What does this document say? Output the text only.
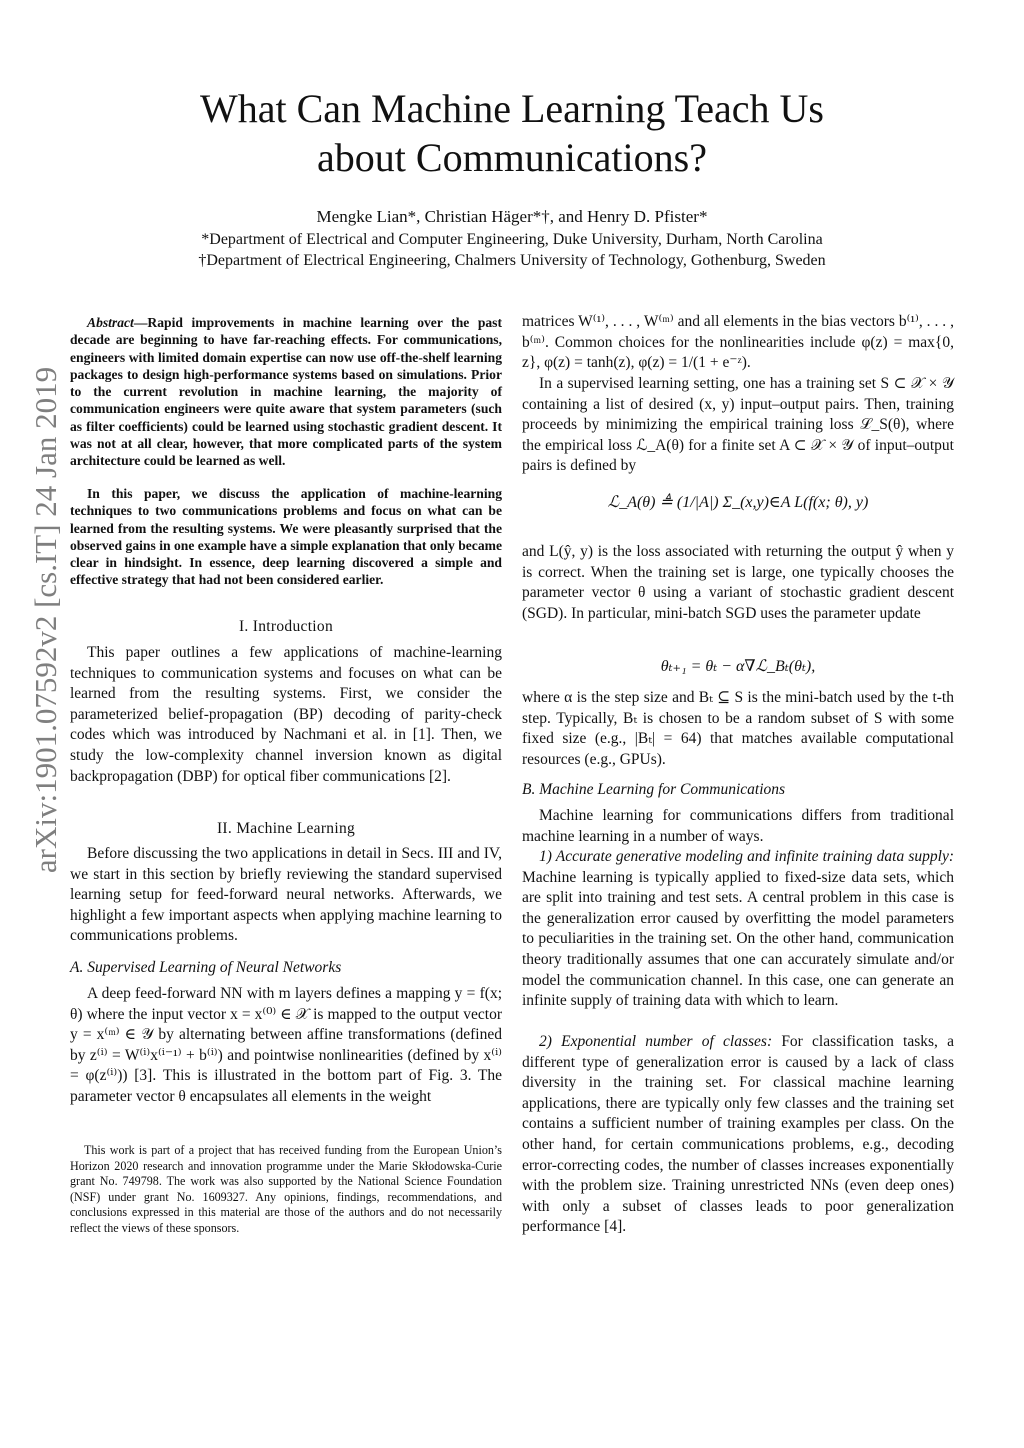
arXiv:1901.07592v2 [cs.IT] 24 Jan 2019
What Can Machine Learning Teach Us
about Communications?
Mengke Lian*, Christian Häger*†, and Henry D. Pfister*
*Department of Electrical and Computer Engineering, Duke University, Durham, North Carolina
†Department of Electrical Engineering, Chalmers University of Technology, Gothenburg, Sweden
Abstract—Rapid improvements in machine learning over the past decade are beginning to have far-reaching effects. For communications, engineers with limited domain expertise can now use off-the-shelf learning packages to design high-performance systems based on simulations. Prior to the current revolution in machine learning, the majority of communication engineers were quite aware that system parameters (such as filter coefficients) could be learned using stochastic gradient descent. It was not at all clear, however, that more complicated parts of the system architecture could be learned as well.
In this paper, we discuss the application of machine-learning techniques to two communications problems and focus on what can be learned from the resulting systems. We were pleasantly surprised that the observed gains in one example have a simple explanation that only became clear in hindsight. In essence, deep learning discovered a simple and effective strategy that had not been considered earlier.
I. Introduction
This paper outlines a few applications of machine-learning techniques to communication systems and focuses on what can be learned from the resulting systems. First, we consider the parameterized belief-propagation (BP) decoding of parity-check codes which was introduced by Nachmani et al. in [1]. Then, we study the low-complexity channel inversion known as digital backpropagation (DBP) for optical fiber communications [2].
II. Machine Learning
Before discussing the two applications in detail in Secs. III and IV, we start in this section by briefly reviewing the standard supervised learning setup for feed-forward neural networks. Afterwards, we highlight a few important aspects when applying machine learning to communications problems.
A. Supervised Learning of Neural Networks
A deep feed-forward NN with m layers defines a mapping y = f(x; θ) where the input vector x = x⁽⁰⁾ ∈ 𝒳 is mapped to the output vector y = x⁽ᵐ⁾ ∈ 𝒴 by alternating between affine transformations (defined by z⁽ⁱ⁾ = W⁽ⁱ⁾x⁽ⁱ⁻¹⁾ + b⁽ⁱ⁾) and pointwise nonlinearities (defined by x⁽ⁱ⁾ = φ(z⁽ⁱ⁾)) [3]. This is illustrated in the bottom part of Fig. 3. The parameter vector θ encapsulates all elements in the weight
This work is part of a project that has received funding from the European Union’s Horizon 2020 research and innovation programme under the Marie Skłodowska-Curie grant No. 749798. The work was also supported by the National Science Foundation (NSF) under grant No. 1609327. Any opinions, findings, recommendations, and conclusions expressed in this material are those of the authors and do not necessarily reflect the views of these sponsors.
matrices W⁽¹⁾, . . . , W⁽ᵐ⁾ and all elements in the bias vectors b⁽¹⁾, . . . , b⁽ᵐ⁾. Common choices for the nonlinearities include φ(z) = max{0, z}, φ(z) = tanh(z), φ(z) = 1/(1 + e⁻ᶻ).
In a supervised learning setting, one has a training set S ⊂ 𝒳 × 𝒴 containing a list of desired (x, y) input–output pairs. Then, training proceeds by minimizing the empirical training loss ℒ_S(θ), where the empirical loss ℒ_A(θ) for a finite set A ⊂ 𝒳 × 𝒴 of input–output pairs is defined by
ℒ_A(θ) ≜ (1/|A|) Σ_(x,y)∈A L(f(x; θ), y)
and L(ŷ, y) is the loss associated with returning the output ŷ when y is correct. When the training set is large, one typically chooses the parameter vector θ using a variant of stochastic gradient descent (SGD). In particular, mini-batch SGD uses the parameter update
θₜ₊₁ = θₜ − α∇ℒ_Bₜ(θₜ),
where α is the step size and Bₜ ⊆ S is the mini-batch used by the t-th step. Typically, Bₜ is chosen to be a random subset of S with some fixed size (e.g., |Bₜ| = 64) that matches available computational resources (e.g., GPUs).
B. Machine Learning for Communications
Machine learning for communications differs from traditional machine learning in a number of ways.
1) Accurate generative modeling and infinite training data supply: Machine learning is typically applied to fixed-size data sets, which are split into training and test sets. A central problem in this case is the generalization error caused by overfitting the model parameters to peculiarities in the training set. On the other hand, communication theory traditionally assumes that one can accurately simulate and/or model the communication channel. In this case, one can generate an infinite supply of training data with which to learn.
2) Exponential number of classes: For classification tasks, a different type of generalization error is caused by a lack of class diversity in the training set. For classical machine learning applications, there are typically only few classes and the training set contains a sufficient number of training examples per class. On the other hand, for certain communications problems, e.g., decoding error-correcting codes, the number of classes increases exponentially with the problem size. Training unrestricted NNs (even deep ones) with only a subset of classes leads to poor generalization performance [4].
